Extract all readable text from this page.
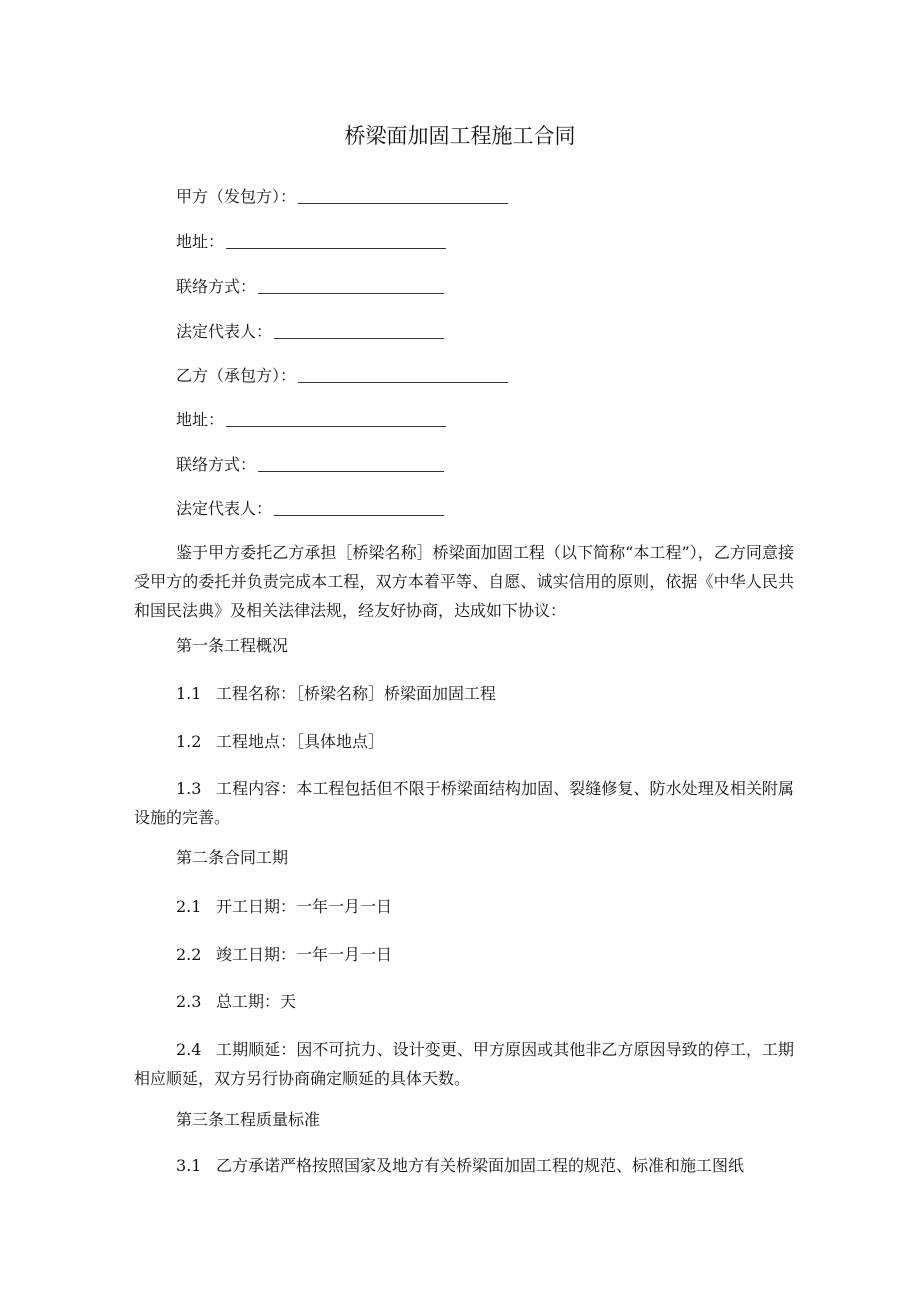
桥梁面加固工程施工合同
甲方（发包方）：
地址：
联络方式：
法定代表人：
乙方（承包方）：
地址：
联络方式：
法定代表人：
鉴于甲方委托乙方承担［桥梁名称］桥梁面加固工程（以下简称“本工程”），乙方同意接受甲方的委托并负责完成本工程，双方本着平等、自愿、诚实信用的原则，依据《中华人民共和国民法典》及相关法律法规，经友好协商，达成如下协议：
第一条工程概况
1.1 工程名称：［桥梁名称］桥梁面加固工程
1.2 工程地点：［具体地点］
1.3 工程内容：本工程包括但不限于桥梁面结构加固、裂缝修复、防水处理及相关附属设施的完善。
第二条合同工期
2.1 开工日期：一年一月一日
2.2 竣工日期：一年一月一日
2.3 总工期：天
2.4 工期顺延：因不可抗力、设计变更、甲方原因或其他非乙方原因导致的停工，工期相应顺延，双方另行协商确定顺延的具体天数。
第三条工程质量标准
3.1 乙方承诺严格按照国家及地方有关桥梁面加固工程的规范、标准和施工图纸
